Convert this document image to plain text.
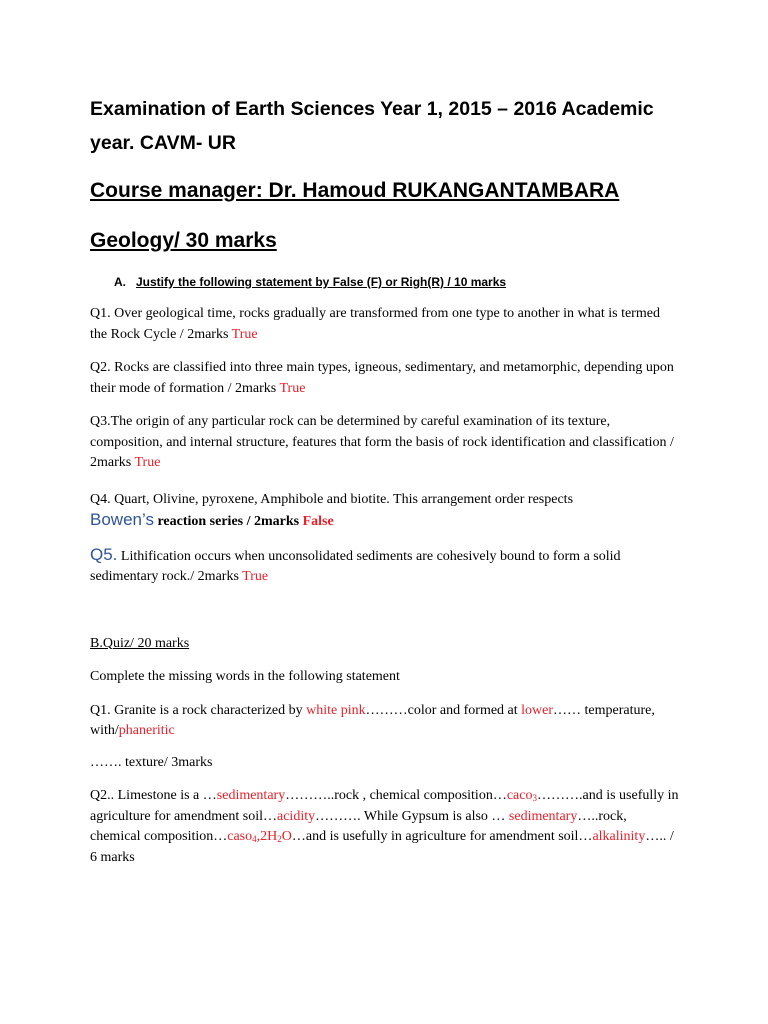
Examination of Earth Sciences Year 1, 2015 – 2016 Academic year. CAVM- UR
Course manager: Dr. Hamoud RUKANGANTAMBARA
Geology/ 30 marks
A. Justify the following statement by False (F) or Righ(R) / 10 marks

Q1. Over geological time, rocks gradually are transformed from one type to another in what is termed the Rock Cycle / 2marks True

Q2. Rocks are classified into three main types, igneous, sedimentary, and metamorphic, depending upon their mode of formation / 2marks True

Q3.The origin of any particular rock can be determined by careful examination of its texture, composition, and internal structure, features that form the basis of rock identification and classification / 2marks True

Q4. Quart, Olivine, pyroxene, Amphibole and biotite. This arrangement order respects
Bowen’s reaction series / 2marks False

Q5. Lithification occurs when unconsolidated sediments are cohesively bound to form a solid sedimentary rock./ 2marks True

B.Quiz/ 20 marks

Complete the missing words in the following statement

Q1. Granite is a rock characterized by white pink………color and formed at lower…… temperature, with/phaneritic

……. texture/ 3marks

Q2.. Limestone is a …sedimentary………..rock , chemical composition…caco$_3$……….and is usefully in agriculture for amendment soil…acidity………. While Gypsum is also … sedimentary…..rock, chemical $composition\dots caso_4,2H_2O\dots and$ is usefully in agriculture for amendment soil…alkalinity….. / 6 marks
